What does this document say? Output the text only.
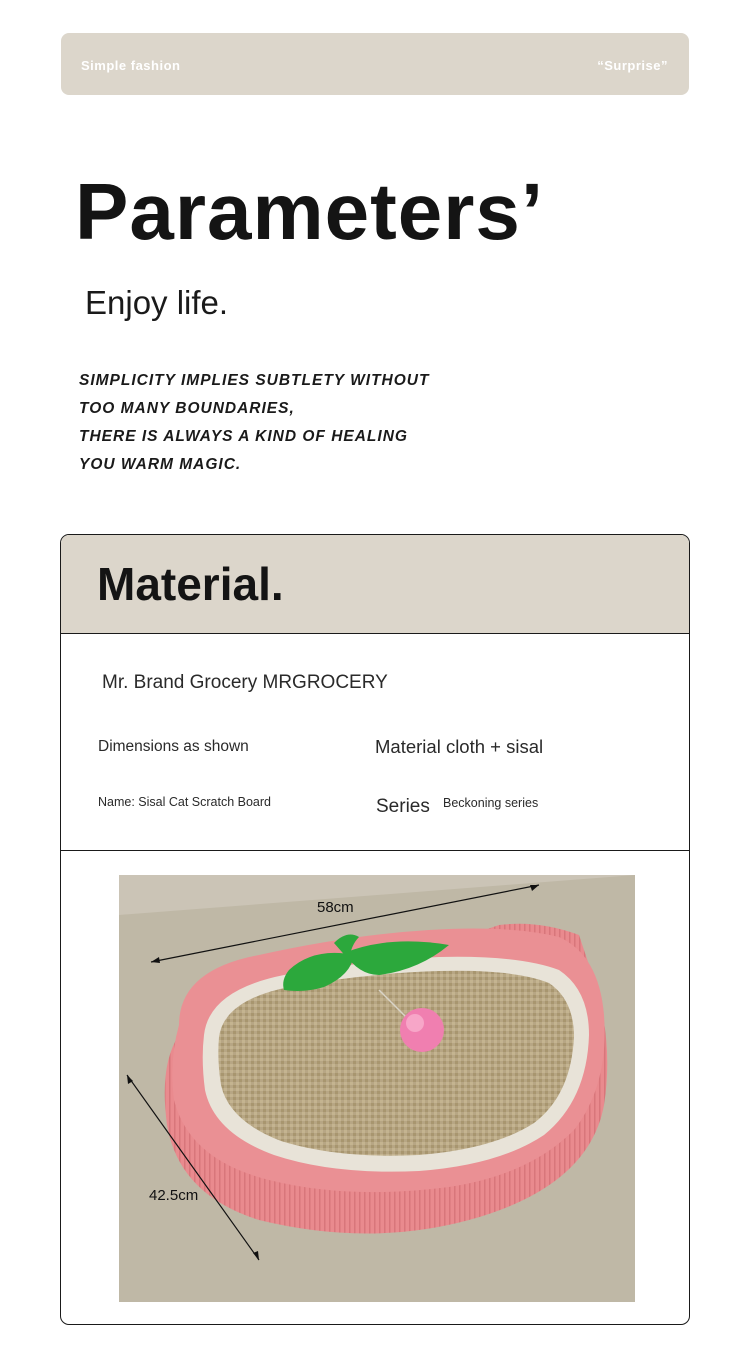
Simple fashion	“Surprise”
Parameters’
Enjoy life.
SIMPLICITY IMPLIES SUBTLETY WITHOUT
TOO MANY BOUNDARIES,
THERE IS ALWAYS A KIND OF HEALING
YOU WARM MAGIC.
Material.
Mr. Brand Grocery MRGROCERY
Dimensions as shown	Material cloth + sisal
Name: Sisal Cat Scratch Board	Series Beckoning series
58cm
42.5cm
